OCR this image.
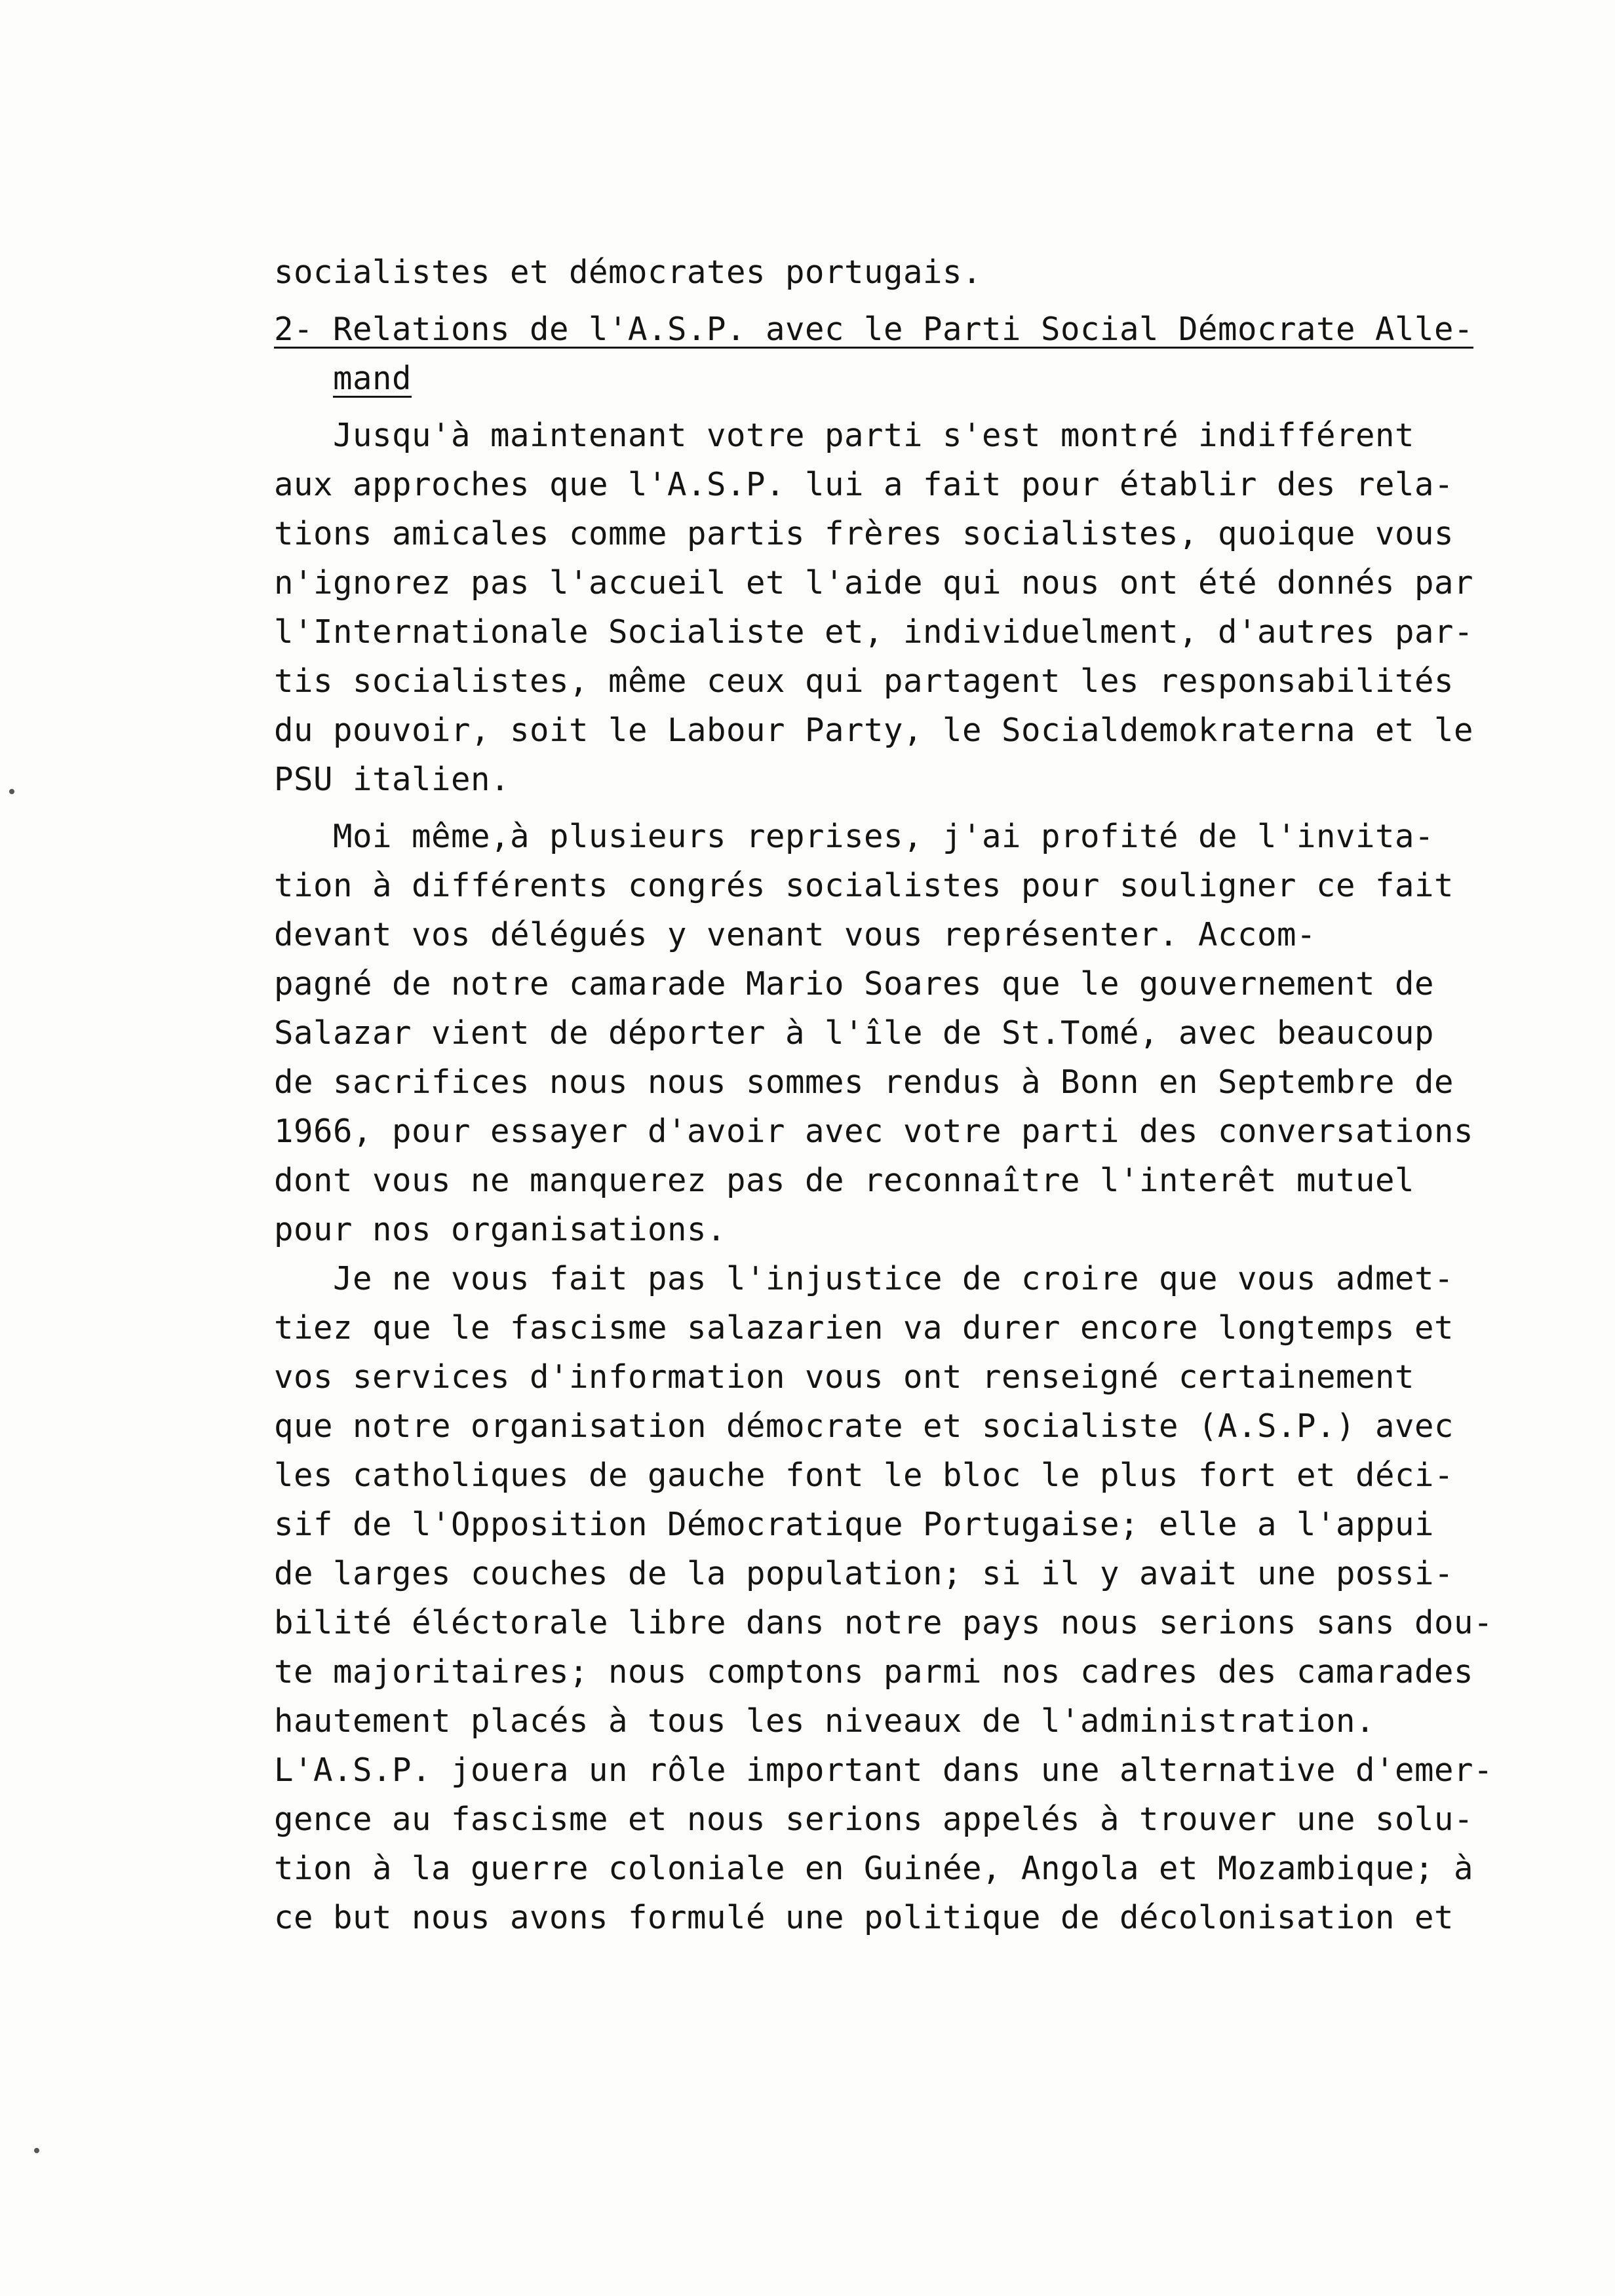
socialistes et démocrates portugais.
2- Relations de l'A.S.P. avec le Parti Social Démocrate Alle-
mand
Jusqu'à maintenant votre parti s'est montré indifférent
aux approches que l'A.S.P. lui a fait pour établir des rela-
tions amicales comme partis frères socialistes, quoique vous
n'ignorez pas l'accueil et l'aide qui nous ont été donnés par
l'Internationale Socialiste et, individuelment, d'autres par-
tis socialistes, même ceux qui partagent les responsabilités
du pouvoir, soit le Labour Party, le Socialdemokraterna et le
PSU italien.
Moi même,à plusieurs reprises, j'ai profité de l'invita-
tion à différents congrés socialistes pour souligner ce fait
devant vos délégués y venant vous représenter. Accom-
pagné de notre camarade Mario Soares que le gouvernement de
Salazar vient de déporter à l'île de St.Tomé, avec beaucoup
de sacrifices nous nous sommes rendus à Bonn en Septembre de
1966, pour essayer d'avoir avec votre parti des conversations
dont vous ne manquerez pas de reconnaître l'interêt mutuel
pour nos organisations.
Je ne vous fait pas l'injustice de croire que vous admet-
tiez que le fascisme salazarien va durer encore longtemps et
vos services d'information vous ont renseigné certainement
que notre organisation démocrate et socialiste (A.S.P.) avec
les catholiques de gauche font le bloc le plus fort et déci-
sif de l'Opposition Démocratique Portugaise; elle a l'appui
de larges couches de la population; si il y avait une possi-
bilité éléctorale libre dans notre pays nous serions sans dou-
te majoritaires; nous comptons parmi nos cadres des camarades
hautement placés à tous les niveaux de l'administration.
L'A.S.P. jouera un rôle important dans une alternative d'emer-
gence au fascisme et nous serions appelés à trouver une solu-
tion à la guerre coloniale en Guinée, Angola et Mozambique; à
ce but nous avons formulé une politique de décolonisation et
